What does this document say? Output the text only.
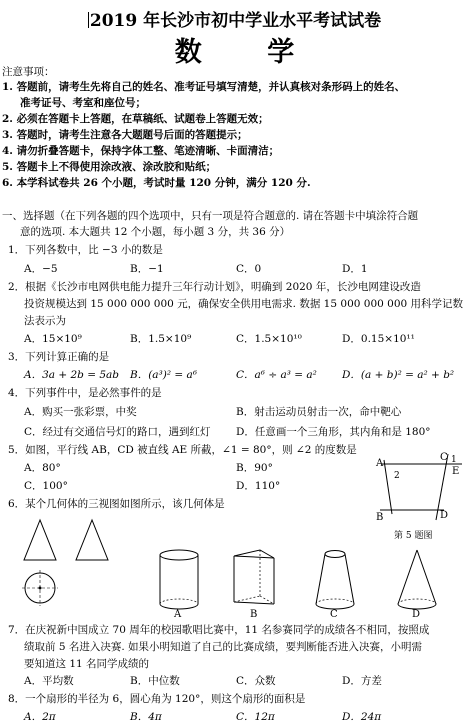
2019 年长沙市初中学业水平考试试卷
数 学
注意事项：
1. 答题前，请考生先将自己的姓名、准考证号填写清楚，并认真核对条形码上的姓名、
准考证号、考室和座位号；
2. 必须在答题卡上答题，在草稿纸、试题卷上答题无效；
3. 答题时，请考生注意各大题题号后面的答题提示；
4. 请勿折叠答题卡，保持字体工整、笔迹清晰、卡面清洁；
5. 答题卡上不得使用涂改液、涂改胶和贴纸；
6. 本学科试卷共 26 个小题，考试时量 120 分钟，满分 120 分.
一、选择题（在下列各题的四个选项中，只有一项是符合题意的. 请在答题卡中填涂符合题
意的选项. 本大题共 12 个小题，每小题 3 分，共 36 分）
1．下列各数中，比 −3 小的数是
A．−5	B．−1	C．0	D．1
2．根据《长沙市电网供电能力提升三年行动计划》，明确到 2020 年，长沙电网建设改造
投资规模达到 15 000 000 000 元，确保安全供用电需求. 数据 15 000 000 000 用科学记数
法表示为
A．15×10⁹	B．1.5×10⁹	C．1.5×10¹⁰	D．0.15×10¹¹
3．下列计算正确的是
A．3a + 2b = 5ab B．(a³)² = a⁶	C．a⁶ ÷ a³ = a² D．(a + b)² = a² + b²
4．下列事件中，是必然事件的是
A．购买一张彩票，中奖	B．射击运动员射击一次，命中靶心
C．经过有交通信号灯的路口，遇到红灯 D．任意画一个三角形，其内角和是 180°
5．如图，平行线 AB，CD 被直线 AE 所截，∠1 = 80°，则 ∠2 的度数是
A．80°	B．90°
C．100°	D．110°
A
C
E
1
2
B	D
第 5 题图
6．某个几何体的三视图如图所示，该几何体是
A	B	C	D
7．在庆祝新中国成立 70 周年的校园歌唱比赛中，11 名参赛同学的成绩各不相同，按照成
绩取前 5 名进入决赛. 如果小明知道了自己的比赛成绩，要判断能否进入决赛，小明需
要知道这 11 名同学成绩的
A．平均数	B．中位数	C．众数	D．方差
8．一个扇形的半径为 6，圆心角为 120°，则这个扇形的面积是
A．2π	B．4π	C．12π	D．24π
